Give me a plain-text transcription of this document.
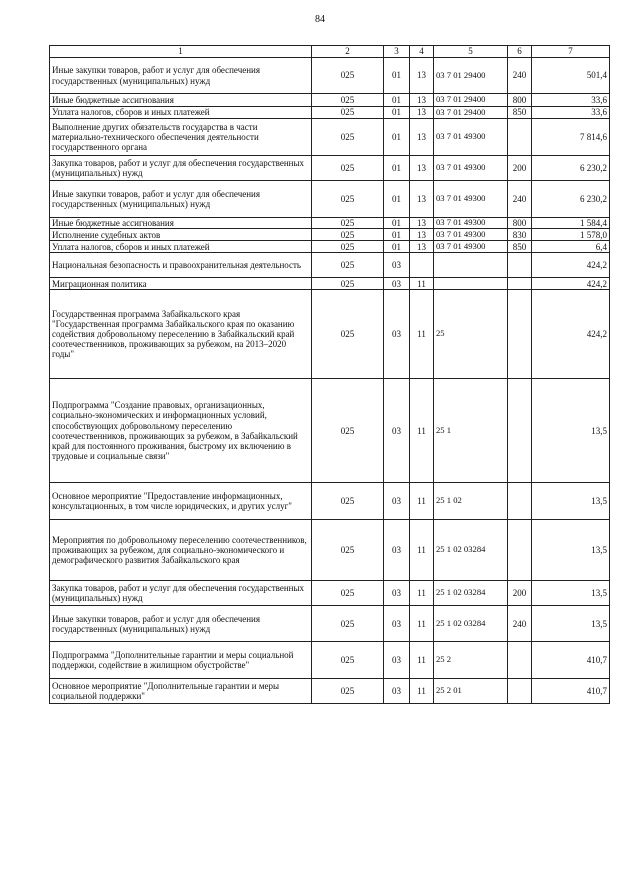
84
1	2	3	4	5	6	7
Иные закупки товаров, работ и услуг для обеспечения государственных (муниципальных) нужд	025	01	13	03 7 01 29400	240	501,4
Иные бюджетные ассигнования	025	01	13	03 7 01 29400	800	33,6
Уплата налогов, сборов и иных платежей	025	01	13	03 7 01 29400	850	33,6
Выполнение других обязательств государства в части материально-технического обеспечения деятельности государственного органа	025	01	13	03 7 01 49300		7 814,6
Закупка товаров, работ и услуг для обеспечения государственных (муниципальных) нужд	025	01	13	03 7 01 49300	200	6 230,2
Иные закупки товаров, работ и услуг для обеспечения государственных (муниципальных) нужд	025	01	13	03 7 01 49300	240	6 230,2
Иные бюджетные ассигнования	025	01	13	03 7 01 49300	800	1 584,4
Исполнение судебных актов	025	01	13	03 7 01 49300	830	1 578,0
Уплата налогов, сборов и иных платежей	025	01	13	03 7 01 49300	850	6,4
Национальная безопасность и правоохранительная деятельность	025	03				424,2
Миграционная политика	025	03	11			424,2
Государственная программа Забайкальского края "Государственная программа Забайкальского края по оказанию содействия добровольному переселению в Забайкальский край соотечественников, проживающих за рубежом, на 2013–2020 годы"	025	03	11	25		424,2
Подпрограмма "Создание правовых, организационных, социально-экономических и информационных условий, способствующих добровольному переселению соотечественников, проживающих за рубежом, в Забайкальский край для постоянного проживания, быстрому их включению в трудовые и социальные связи"	025	03	11	25 1		13,5
Основное мероприятие "Предоставление информационных, консультационных, в том числе юридических, и других услуг"	025	03	11	25 1 02		13,5
Мероприятия по добровольному переселению соотечественников, проживающих за рубежом, для социально-экономического и демографического развития Забайкальского края	025	03	11	25 1 02 03284		13,5
Закупка товаров, работ и услуг для обеспечения государственных (муниципальных) нужд	025	03	11	25 1 02 03284	200	13,5
Иные закупки товаров, работ и услуг для обеспечения государственных (муниципальных) нужд	025	03	11	25 1 02 03284	240	13,5
Подпрограмма "Дополнительные гарантии и меры социальной поддержки, содействие в жилищном обустройстве"	025	03	11	25 2		410,7
Основное мероприятие "Дополнительные гарантии и меры социальной поддержки"	025	03	11	25 2 01		410,7
